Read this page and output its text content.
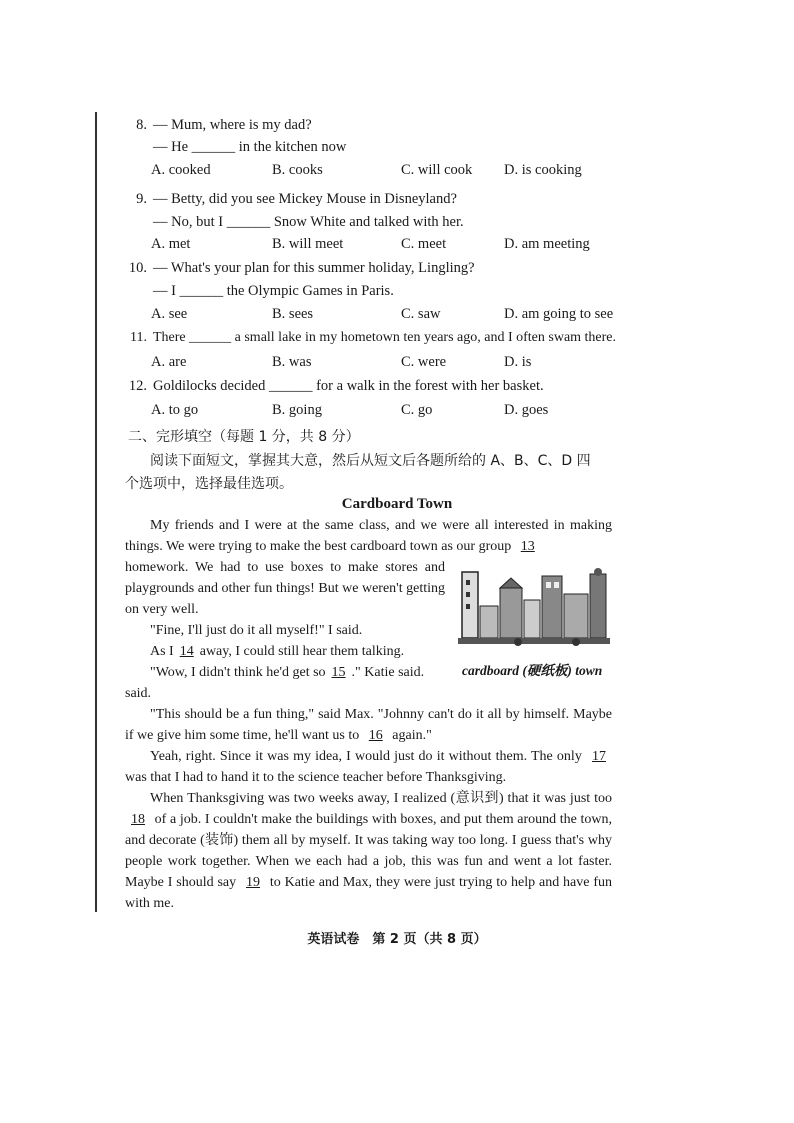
8. — Mum, where is my dad?
— He ______ in the kitchen now
A. cooked	B. cooks	C. will cook D. is cooking
9. — Betty, did you see Mickey Mouse in Disneyland?
— No, but I ______ Snow White and talked with her.
A. met	B. will meet	C. meet	D. am meeting
10. — What's your plan for this summer holiday, Lingling?
— I ______ the Olympic Games in Paris.
A. see	B. sees	C. saw	D. am going to see
11. There ______ a small lake in my hometown ten years ago, and I often swam there.
A. are	B. was	C. were	D. is
12. Goldilocks decided ______ for a walk in the forest with her basket.
A. to go	B. going	C. go	D. goes
二、完形填空（每题 1 分，共 8 分）
阅读下面短文，掌握其大意，然后从短文后各题所给的 A、B、C、D 四
个选项中，选择最佳选项。
Cardboard Town
My friends and I were at the same class, and we were all interested in making things. We were trying to make the best cardboard town as our group 13
homework. We had to use boxes to make stores and playgrounds and other fun things! But we weren't getting on very well.
"Fine, I'll just do it all myself!" I said.
As I 14 away, I could still hear them talking.
"Wow, I didn't think he'd get so 15 ." Katie said.	cardboard (硬纸板) town
said.
"This should be a fun thing," said Max. "Johnny can't do it all by himself. Maybe if we give him some time, he'll want us to 16 again."
Yeah, right. Since it was my idea, I would just do it without them. The only 17 was that I had to hand it to the science teacher before Thanksgiving.
When Thanksgiving was two weeks away, I realized (意识到) that it was just too 18 of a job. I couldn't make the buildings with boxes, and put them around the town, and decorate (装饰) them all by myself. It was taking way too long. I guess that's why people work together. When we each had a job, this was fun and went a lot faster. Maybe I should say 19 to Katie and Max, they were just trying to help and have fun with me.
英语试卷　第 2 页（共 8 页）
